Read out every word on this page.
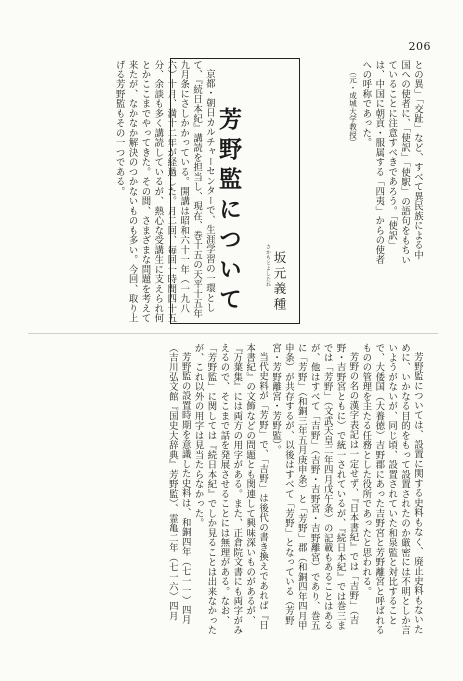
206

との異」「交趾」など、すべて異民族による中国への使者に、「使訳」「使駅」の語句をもちいていることに注意すべきであろう。「使訳」は、中国に朝貢・服属する「四夷」からの使者への呼称であった。

（元・成城大学教授）

芳野監について	さかもとよしたね 坂元義種

京都・朝日カルチャーセンターで、生涯学習の一環として、『続日本紀』講読を担当し、現在、巻十五の天平十五年九月条にさしかかっている。開講は昭和六十一年（一九八六）十月、満十二年が経過した。月二回、毎回一時間四十五分、余談も多く講読しているが、熱心な受講生に支えられ何とかここまでやってきた。その間、さまざまな問題を考えて来たが、なかなか解決のつかないものも多い。今回、取り上げる芳野監もその一つである。

芳野監については、設置に関する史料もなく、廃止史料もないために、いかなる目的をもって設置されたのか厳密には不明としか言いようがないが、同じ頃、設置されていた和泉監と対比することで、大倭国（大養徳）吉野郡にあった吉野宮と芳野離宮と呼ばれるものの管理を主たる任務とした役所であったと思われる。

芳野の名の漢字表記は一定せず、『日本書紀』では「吉野」（吉野・吉野宮ともに）で統一されているが、『続日本紀』では巻三までは「芳野」（文武天皇二年四月戊午条）の記載もあることはあるが、他はすべて「吉野」（吉野・吉野宮・吉野離宮）であり、巻五に「芳野」（和銅三年五月庚申条）と「芳野」郡（和銅四年四月甲申条）が共存するが、以後はすべて「芳野」となっている（芳野宮・芳野離宮・芳野監）。

当代史料が「芳野」で、「吉野」は後代の書き換えであれば『日本書紀』の文飾などの問題とも関連して興味深いものがあるが、『万葉集』には両方の用字がある。また、正倉院文書にも両字がみえるので、そこまで話を発展させることには無理がある。なお、「芳野監」に関しては『続日本紀』でしか見ることは出来なかったが、これ以外の用字は見当たらなかった。

芳野監の設置時期を意識した史料は、和銅四年（七一一）四月（吉川弘文館『国史大辞典』芳野監）、霊亀二年（七一六）四月
